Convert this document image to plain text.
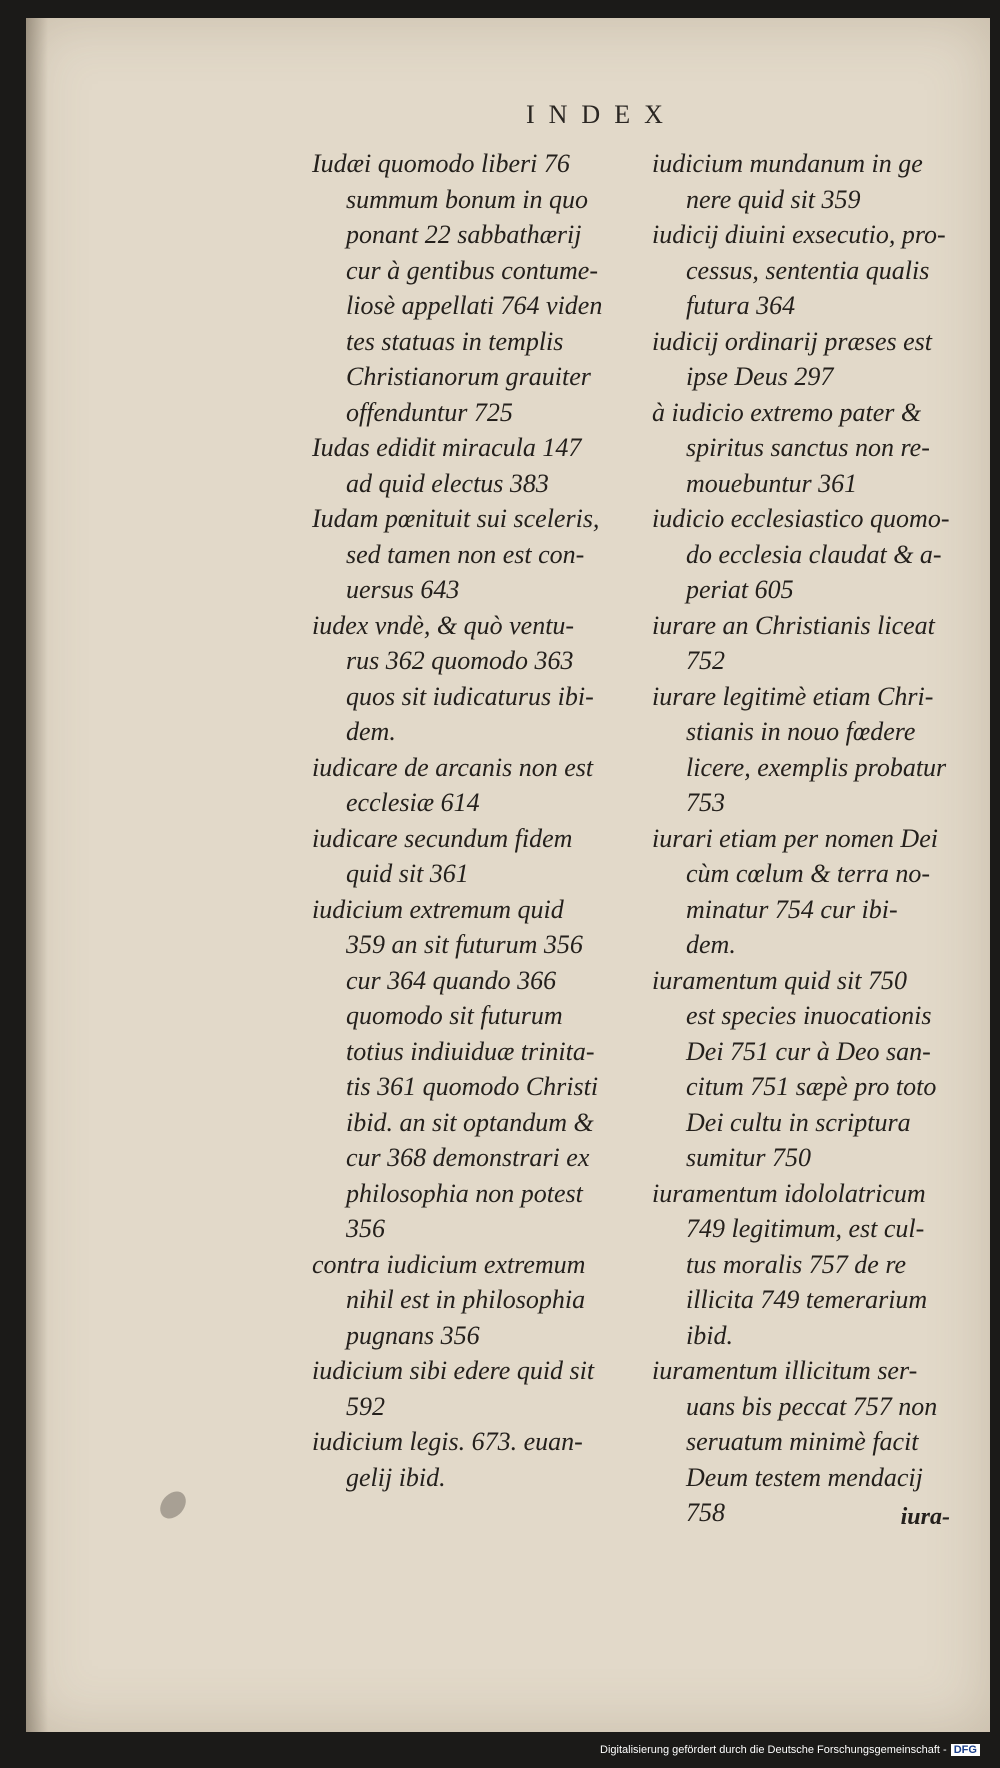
INDEX
Iudæi quomodo liberi 76
summum bonum in quo
ponant 22 sabbathærij
cur à gentibus contume-
liosè appellati 764 viden
tes statuas in templis
Christianorum grauiter
offenduntur 725
Iudas edidit miracula 147
ad quid electus 383
Iudam pœnituit sui sceleris,
sed tamen non est con-
uersus 643
iudex vndè, & quò ventu-
rus 362 quomodo 363
quos sit iudicaturus ibi-
dem.
iudicare de arcanis non est
ecclesiæ 614
iudicare secundum fidem
quid sit 361
iudicium extremum quid
359 an sit futurum 356
cur 364 quando 366
quomodo sit futurum
totius indiuiduæ trinita-
tis 361 quomodo Christi
ibid. an sit optandum &
cur 368 demonstrari ex
philosophia non potest
356
contra iudicium extremum
nihil est in philosophia
pugnans 356
iudicium sibi edere quid sit
592
iudicium legis. 673. euan-
gelij ibid.
iudicium mundanum in ge
nere quid sit 359
iudicij diuini exsecutio, pro-
cessus, sententia qualis
futura 364
iudicij ordinarij præses est
ipse Deus 297
à iudicio extremo pater &
spiritus sanctus non re-
mouebuntur 361
iudicio ecclesiastico quomo-
do ecclesia claudat & a-
periat 605
iurare an Christianis liceat
752
iurare legitimè etiam Chri-
stianis in nouo fœdere
licere, exemplis probatur
753
iurari etiam per nomen Dei
cùm cœlum & terra no-
minatur 754 cur ibi-
dem.
iuramentum quid sit 750
est species inuocationis
Dei 751 cur à Deo san-
citum 751 sæpè pro toto
Dei cultu in scriptura
sumitur 750
iuramentum idololatricum
749 legitimum, est cul-
tus moralis 757 de re
illicita 749 temerarium
ibid.
iuramentum illicitum ser-
uans bis peccat 757 non
seruatum minimè facit
Deum testem mendacij
758	iura-
Digitalisierung gefördert durch die Deutsche Forschungsgemeinschaft - DFG
